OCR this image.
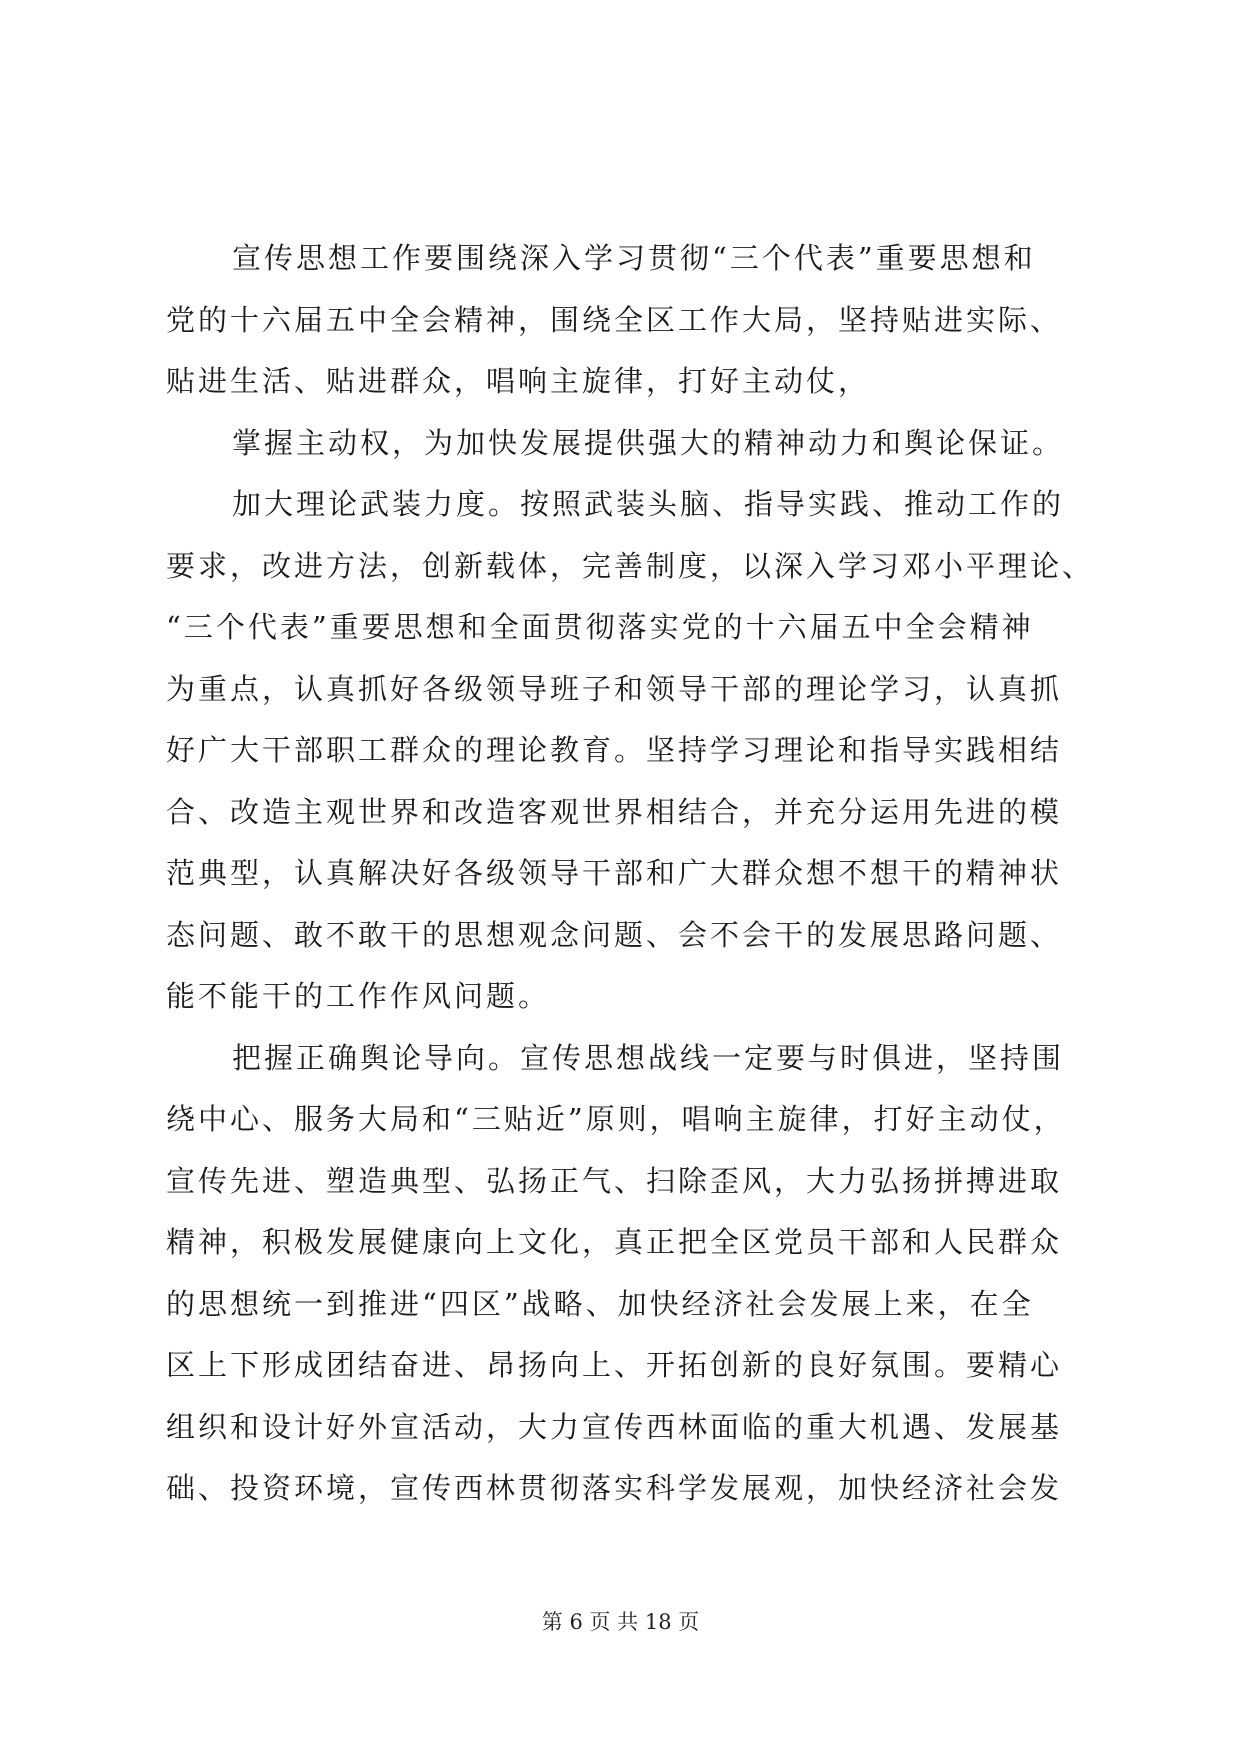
宣传思想工作要围绕深入学习贯彻“三个代表”重要思想和
党的十六届五中全会精神，围绕全区工作大局，坚持贴进实际、
贴进生活、贴进群众，唱响主旋律，打好主动仗，
掌握主动权，为加快发展提供强大的精神动力和舆论保证。
加大理论武装力度。按照武装头脑、指导实践、推动工作的
要求，改进方法，创新载体，完善制度，以深入学习邓小平理论、
“三个代表”重要思想和全面贯彻落实党的十六届五中全会精神
为重点，认真抓好各级领导班子和领导干部的理论学习，认真抓
好广大干部职工群众的理论教育。坚持学习理论和指导实践相结
合、改造主观世界和改造客观世界相结合，并充分运用先进的模
范典型，认真解决好各级领导干部和广大群众想不想干的精神状
态问题、敢不敢干的思想观念问题、会不会干的发展思路问题、
能不能干的工作作风问题。
把握正确舆论导向。宣传思想战线一定要与时俱进，坚持围
绕中心、服务大局和“三贴近”原则，唱响主旋律，打好主动仗，
宣传先进、塑造典型、弘扬正气、扫除歪风，大力弘扬拼搏进取
精神，积极发展健康向上文化，真正把全区党员干部和人民群众
的思想统一到推进“四区”战略、加快经济社会发展上来，在全
区上下形成团结奋进、昂扬向上、开拓创新的良好氛围。要精心
组织和设计好外宣活动，大力宣传西林面临的重大机遇、发展基
础、投资环境，宣传西林贯彻落实科学发展观，加快经济社会发
第 6 页 共 18 页
